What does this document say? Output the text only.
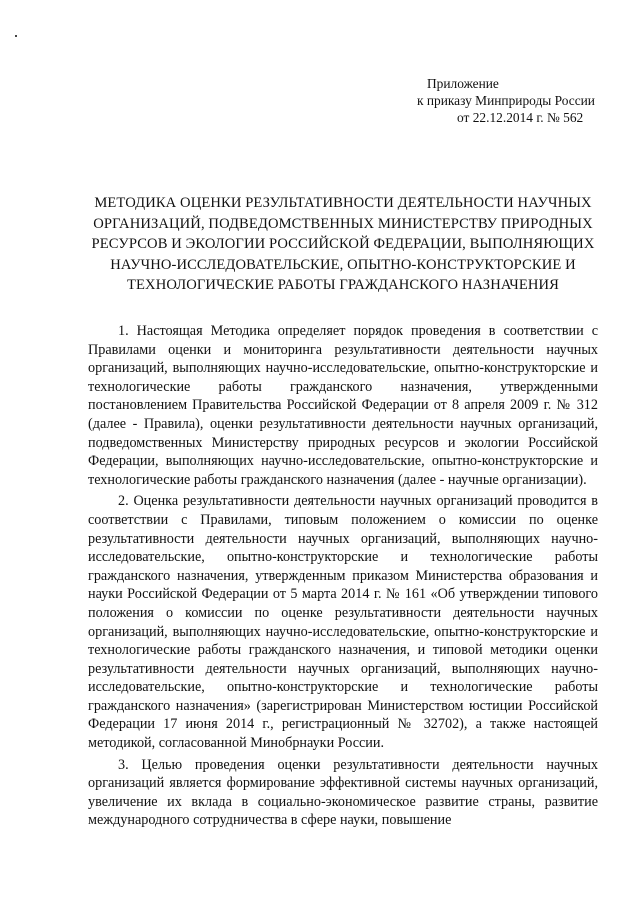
Приложение
к приказу Минприроды России
от 22.12.2014 г. № 562
МЕТОДИКА ОЦЕНКИ РЕЗУЛЬТАТИВНОСТИ ДЕЯТЕЛЬНОСТИ НАУЧНЫХ ОРГАНИЗАЦИЙ, ПОДВЕДОМСТВЕННЫХ МИНИСТЕРСТВУ ПРИРОДНЫХ РЕСУРСОВ И ЭКОЛОГИИ РОССИЙСКОЙ ФЕДЕРАЦИИ, ВЫПОЛНЯЮЩИХ НАУЧНО-ИССЛЕДОВАТЕЛЬСКИЕ, ОПЫТНО-КОНСТРУКТОРСКИЕ И ТЕХНОЛОГИЧЕСКИЕ РАБОТЫ ГРАЖДАНСКОГО НАЗНАЧЕНИЯ

1. Настоящая Методика определяет порядок проведения в соответствии с Правилами оценки и мониторинга результативности деятельности научных организаций, выполняющих научно-исследовательские, опытно-конструкторские и технологические работы гражданского назначения, утвержденными постановлением Правительства Российской Федерации от 8 апреля 2009 г. № 312 (далее - Правила), оценки результативности деятельности научных организаций, подведомственных Министерству природных ресурсов и экологии Российской Федерации, выполняющих научно-исследовательские, опытно-конструкторские и технологические работы гражданского назначения (далее - научные организации).

2. Оценка результативности деятельности научных организаций проводится в соответствии с Правилами, типовым положением о комиссии по оценке результативности деятельности научных организаций, выполняющих научно-исследовательские, опытно-конструкторские и технологические работы гражданского назначения, утвержденным приказом Министерства образования и науки Российской Федерации от 5 марта 2014 г. № 161 «Об утверждении типового положения о комиссии по оценке результативности деятельности научных организаций, выполняющих научно-исследовательские, опытно-конструкторские и технологические работы гражданского назначения, и типовой методики оценки результативности деятельности научных организаций, выполняющих научно-исследовательские, опытно-конструкторские и технологические работы гражданского назначения» (зарегистрирован Министерством юстиции Российской Федерации 17 июня 2014 г., регистрационный № 32702), а также настоящей методикой, согласованной Минобрнауки России.

3. Целью проведения оценки результативности деятельности научных организаций является формирование эффективной системы научных организаций, увеличение их вклада в социально-экономическое развитие страны, развитие международного сотрудничества в сфере науки, повышение
